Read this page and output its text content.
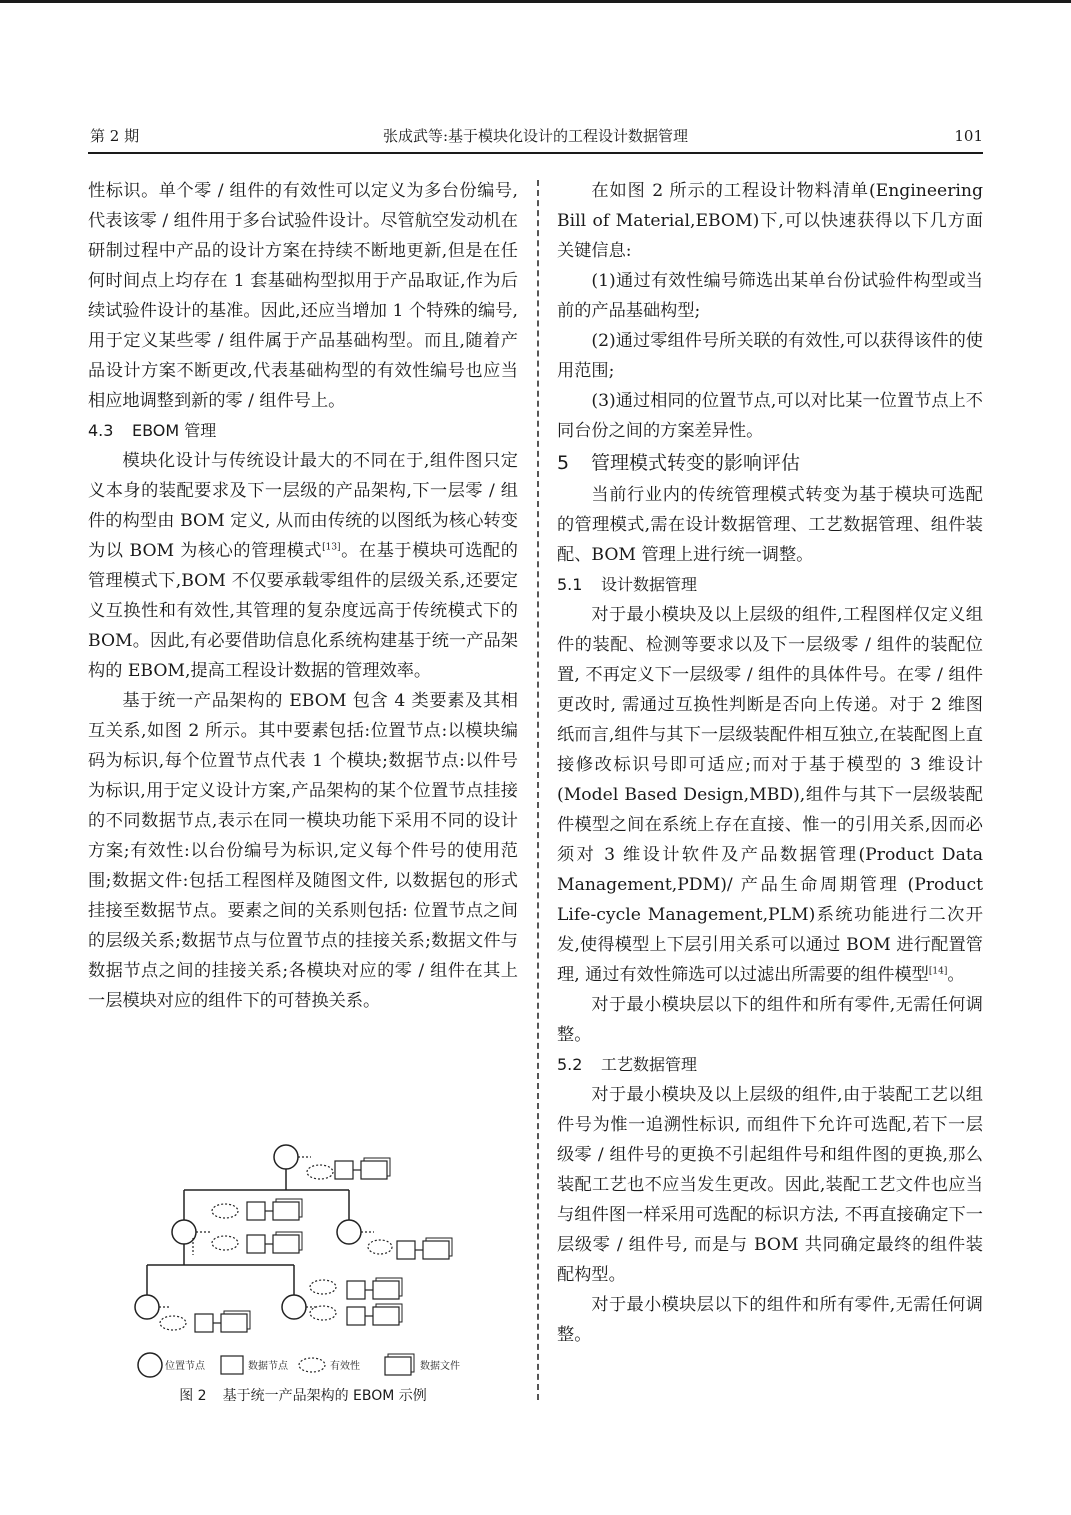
第 2 期	张成武等:基于模块化设计的工程设计数据管理	101

性标识。单个零 / 组件的有效性可以定义为多台份编号,代表该零 / 组件用于多台试验件设计。尽管航空发动机在研制过程中产品的设计方案在持续不断地更新,但是在任何时间点上均存在 1 套基础构型拟用于产品取证,作为后续试验件设计的基准。因此,还应当增加 1 个特殊的编号,用于定义某些零 / 组件属于产品基础构型。而且,随着产品设计方案不断更改,代表基础构型的有效性编号也应当相应地调整到新的零 / 组件号上。

4.3 EBOM 管理

模块化设计与传统设计最大的不同在于,组件图只定义本身的装配要求及下一层级的产品架构,下一层零 / 组件的构型由 BOM 定义, 从而由传统的以图纸为核心转变为以 BOM 为核心的管理模式[13]。在基于模块可选配的管理模式下,BOM 不仅要承载零组件的层级关系,还要定义互换性和有效性,其管理的复杂度远高于传统模式下的 BOM。因此,有必要借助信息化系统构建基于统一产品架构的 EBOM,提高工程设计数据的管理效率。

基于统一产品架构的 EBOM 包含 4 类要素及其相互关系,如图 2 所示。其中要素包括:位置节点:以模块编码为标识,每个位置节点代表 1 个模块;数据节点:以件号为标识,用于定义设计方案,产品架构的某个位置节点挂接的不同数据节点,表示在同一模块功能下采用不同的设计方案;有效性:以台份编号为标识,定义每个件号的使用范围;数据文件:包括工程图样及随图文件, 以数据包的形式挂接至数据节点。要素之间的关系则包括: 位置节点之间的层级关系;数据节点与位置节点的挂接关系;数据文件与数据节点之间的挂接关系;各模块对应的零 / 组件在其上一层模块对应的组件下的可替换关系。

位置节点	数据节点	有效性	数据文件
图 2 基于统一产品架构的 EBOM 示例

在如图 2 所示的工程设计物料清单(Engineering Bill of Material,EBOM)下,可以快速获得以下几方面关键信息:

(1)通过有效性编号筛选出某单台份试验件构型或当前的产品基础构型;

(2)通过零组件号所关联的有效性,可以获得该件的使用范围;

(3)通过相同的位置节点,可以对比某一位置节点上不同台份之间的方案差异性。

5 管理模式转变的影响评估

当前行业内的传统管理模式转变为基于模块可选配的管理模式,需在设计数据管理、工艺数据管理、组件装配、BOM 管理上进行统一调整。

5.1 设计数据管理

对于最小模块及以上层级的组件,工程图样仅定义组件的装配、检测等要求以及下一层级零 / 组件的装配位置, 不再定义下一层级零 / 组件的具体件号。在零 / 组件更改时, 需通过互换性判断是否向上传递。对于 2 维图纸而言,组件与其下一层级装配件相互独立,在装配图上直接修改标识号即可适应;而对于基于模型的 3 维设计(Model Based Design,MBD),组件与其下一层级装配件模型之间在系统上存在直接、惟一的引用关系,因而必须对 3 维设计软件及产品数据管理(Product Data Management,PDM)/ 产品生命周期管理 (Product Life-cycle Management,PLM)系统功能进行二次开发,使得模型上下层引用关系可以通过 BOM 进行配置管理, 通过有效性筛选可以过滤出所需要的组件模型[14]。

对于最小模块层以下的组件和所有零件,无需任何调整。

5.2 工艺数据管理

对于最小模块及以上层级的组件,由于装配工艺以组件号为惟一追溯性标识, 而组件下允许可选配,若下一层级零 / 组件号的更换不引起组件号和组件图的更换,那么装配工艺也不应当发生更改。因此,装配工艺文件也应当与组件图一样采用可选配的标识方法, 不再直接确定下一层级零 / 组件号, 而是与 BOM 共同确定最终的组件装配构型。

对于最小模块层以下的组件和所有零件,无需任何调整。
